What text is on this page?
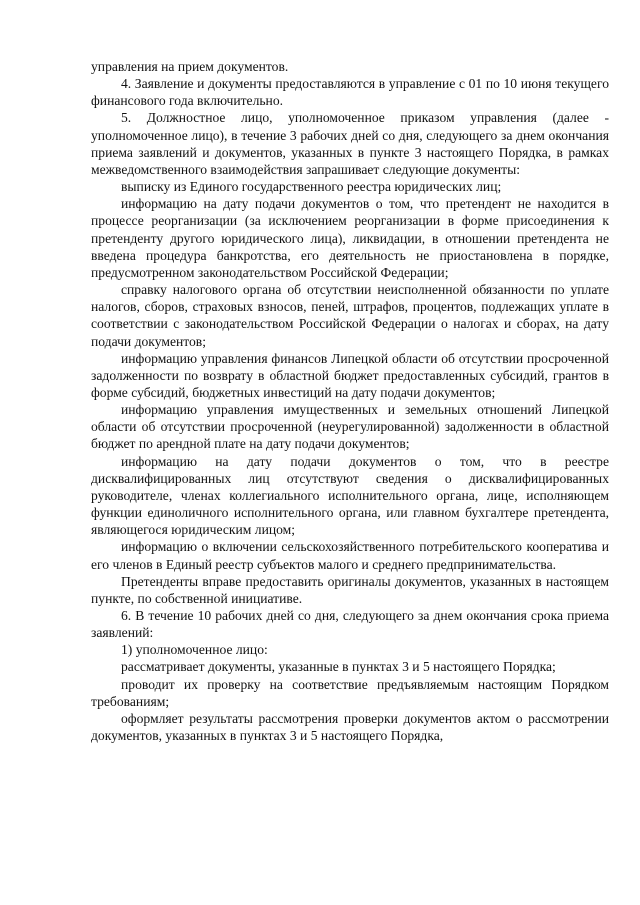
управления на прием документов.

4. Заявление и документы предоставляются в управление с 01 по 10 июня текущего финансового года включительно.

5. Должностное лицо, уполномоченное приказом управления (далее - уполномоченное лицо), в течение 3 рабочих дней со дня, следующего за днем окончания приема заявлений и документов, указанных в пункте 3 настоящего Порядка, в рамках межведомственного взаимодействия запрашивает следующие документы:

выписку из Единого государственного реестра юридических лиц;

информацию на дату подачи документов о том, что претендент не находится в процессе реорганизации (за исключением реорганизации в форме присоединения к претенденту другого юридического лица), ликвидации, в отношении претендента не введена процедура банкротства, его деятельность не приостановлена в порядке, предусмотренном законодательством Российской Федерации;

справку налогового органа об отсутствии неисполненной обязанности по уплате налогов, сборов, страховых взносов, пеней, штрафов, процентов, подлежащих уплате в соответствии с законодательством Российской Федерации о налогах и сборах, на дату подачи документов;

информацию управления финансов Липецкой области об отсутствии просроченной задолженности по возврату в областной бюджет предоставленных субсидий, грантов в форме субсидий, бюджетных инвестиций на дату подачи документов;

информацию управления имущественных и земельных отношений Липецкой области об отсутствии просроченной (неурегулированной) задолженности в областной бюджет по арендной плате на дату подачи документов;

информацию на дату подачи документов о том, что в реестре дисквалифицированных лиц отсутствуют сведения о дисквалифицированных руководителе, членах коллегиального исполнительного органа, лице, исполняющем функции единоличного исполнительного органа, или главном бухгалтере претендента, являющегося юридическим лицом;

информацию о включении сельскохозяйственного потребительского кооператива и его членов в Единый реестр субъектов малого и среднего предпринимательства.

Претенденты вправе предоставить оригиналы документов, указанных в настоящем пункте, по собственной инициативе.

6. В течение 10 рабочих дней со дня, следующего за днем окончания срока приема заявлений:

1) уполномоченное лицо:

рассматривает документы, указанные в пунктах 3 и 5 настоящего Порядка;

проводит их проверку на соответствие предъявляемым настоящим Порядком требованиям;

оформляет результаты рассмотрения проверки документов актом о рассмотрении документов, указанных в пунктах 3 и 5 настоящего Порядка,
